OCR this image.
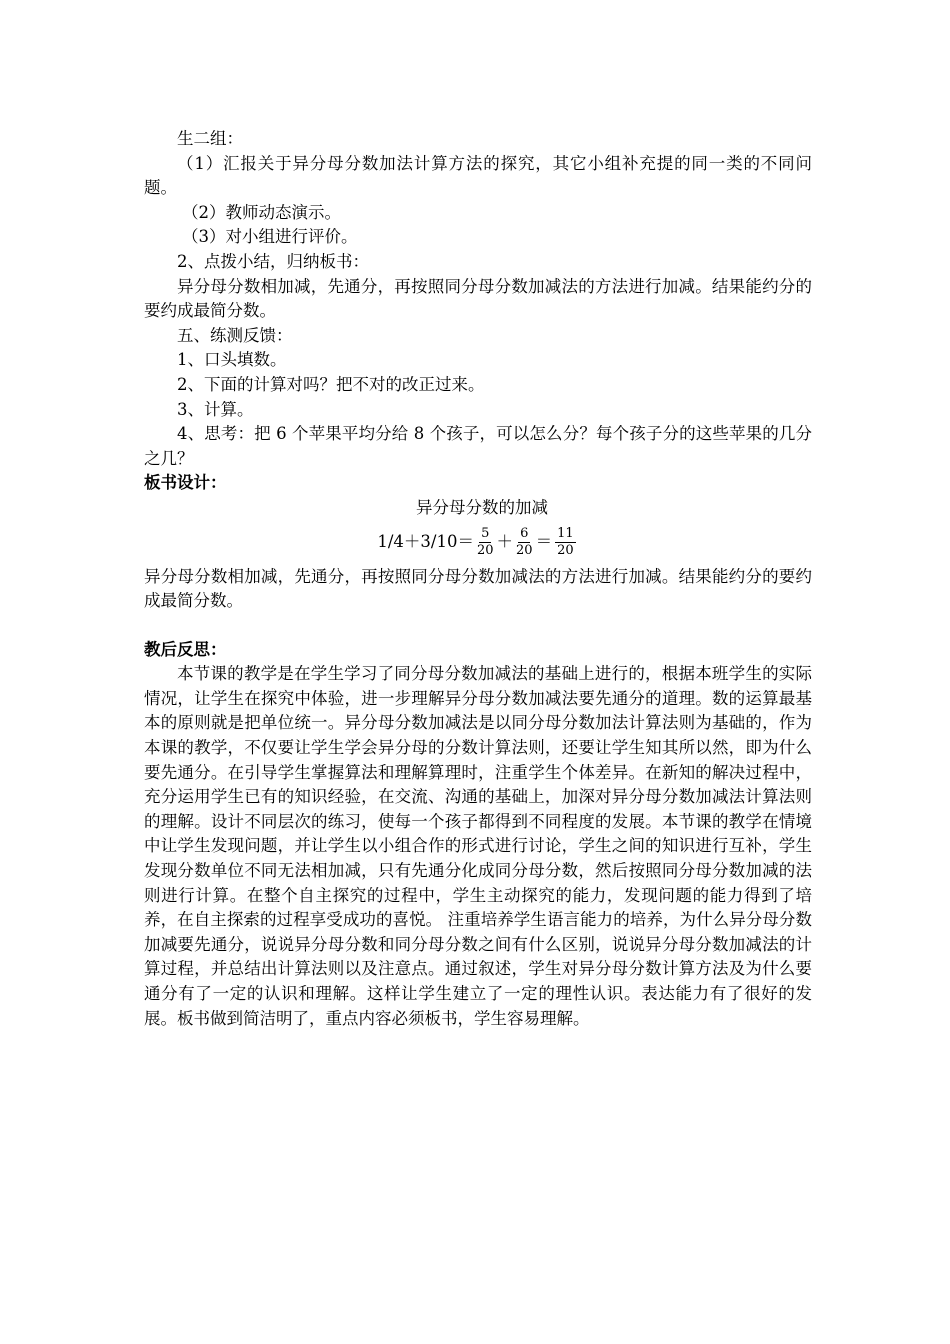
生二组：

（1）汇报关于异分母分数加法计算方法的探究，其它小组补充提的同一类的不同问题。

（2）教师动态演示。

（3）对小组进行评价。

2、点拨小结，归纳板书：

异分母分数相加减，先通分，再按照同分母分数加减法的方法进行加减。结果能约分的要约成最简分数。

五、练测反馈：

1、口头填数。

2、下面的计算对吗？把不对的改正过来。

3、计算。

4、思考：把 6 个苹果平均分给 8 个孩子，可以怎么分？每个孩子分的这些苹果的几分之几？

板书设计：

异分母分数的加减

$1/4+3/10= \frac{5}{20} + \frac{6}{20} = \frac{11}{20}$

异分母分数相加减，先通分，再按照同分母分数加减法的方法进行加减。结果能约分的要约成最简分数。

教后反思：

本节课的教学是在学生学习了同分母分数加减法的基础上进行的，根据本班学生的实际情况，让学生在探究中体验，进一步理解异分母分数加减法要先通分的道理。数的运算最基本的原则就是把单位统一。异分母分数加减法是以同分母分数加法计算法则为基础的，作为本课的教学，不仅要让学生学会异分母的分数计算法则，还要让学生知其所以然，即为什么要先通分。在引导学生掌握算法和理解算理时，注重学生个体差异。在新知的解决过程中，充分运用学生已有的知识经验，在交流、沟通的基础上，加深对异分母分数加减法计算法则的理解。设计不同层次的练习，使每一个孩子都得到不同程度的发展。本节课的教学在情境中让学生发现问题，并让学生以小组合作的形式进行讨论，学生之间的知识进行互补，学生发现分数单位不同无法相加减，只有先通分化成同分母分数，然后按照同分母分数加减的法则进行计算。在整个自主探究的过程中，学生主动探究的能力，发现问题的能力得到了培养，在自主探索的过程享受成功的喜悦。 注重培养学生语言能力的培养，为什么异分母分数加减要先通分，说说异分母分数和同分母分数之间有什么区别，说说异分母分数加减法的计算过程，并总结出计算法则以及注意点。通过叙述，学生对异分母分数计算方法及为什么要通分有了一定的认识和理解。这样让学生建立了一定的理性认识。表达能力有了很好的发展。板书做到简洁明了，重点内容必须板书，学生容易理解。
